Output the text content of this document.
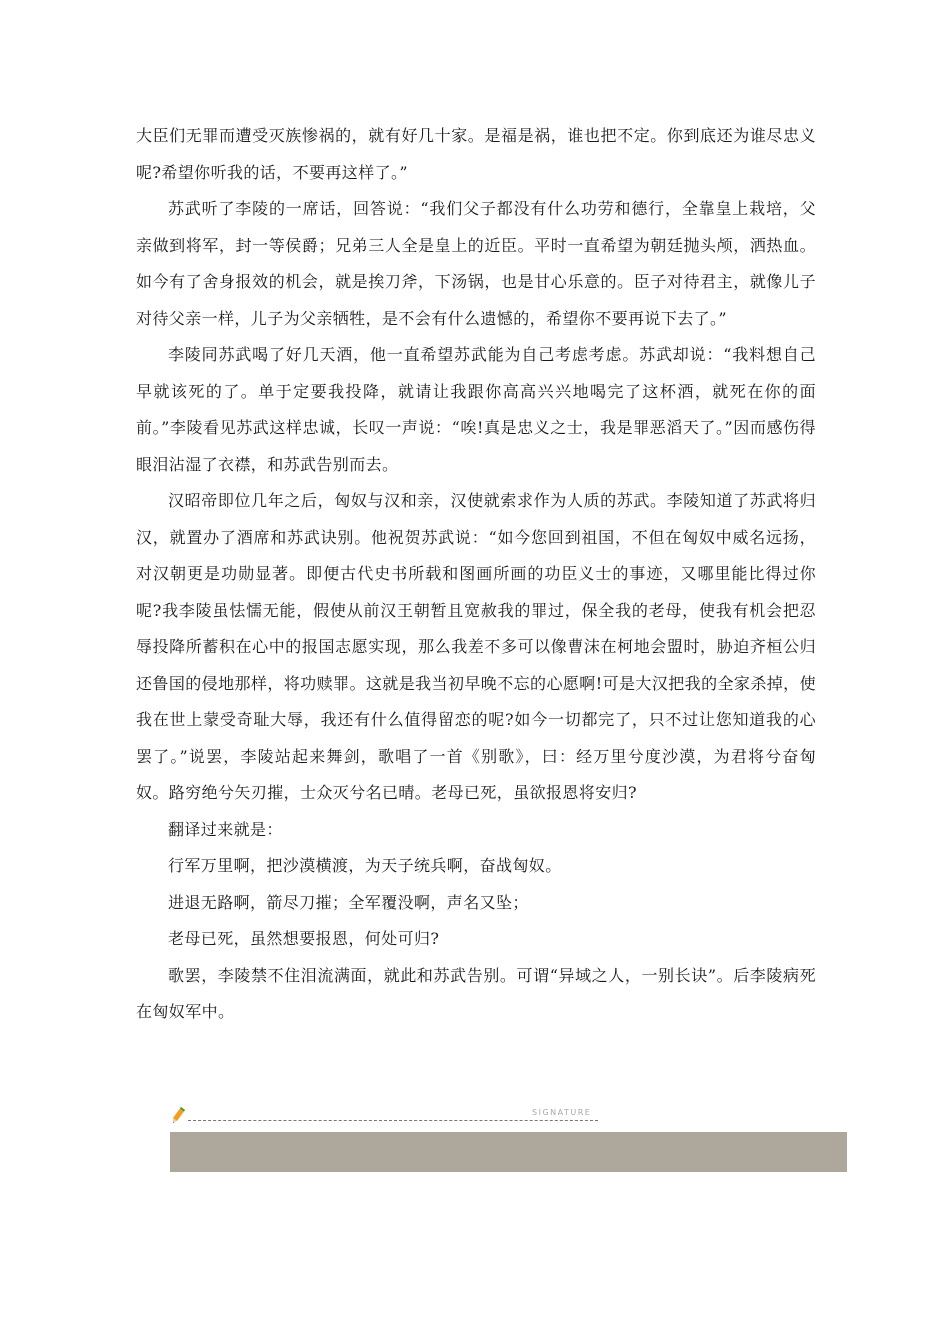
大臣们无罪而遭受灭族惨祸的，就有好几十家。是福是祸，谁也把不定。你到底还为谁尽忠义呢?希望你听我的话，不要再这样了。”

苏武听了李陵的一席话，回答说：“我们父子都没有什么功劳和德行，全靠皇上栽培，父亲做到将军，封一等侯爵；兄弟三人全是皇上的近臣。平时一直希望为朝廷抛头颅，洒热血。如今有了舍身报效的机会，就是挨刀斧，下汤锅，也是甘心乐意的。臣子对待君主，就像儿子对待父亲一样，儿子为父亲牺牲，是不会有什么遗憾的，希望你不要再说下去了。”

李陵同苏武喝了好几天酒，他一直希望苏武能为自己考虑考虑。苏武却说：“我料想自己早就该死的了。单于定要我投降，就请让我跟你高高兴兴地喝完了这杯酒，就死在你的面前。”李陵看见苏武这样忠诚，长叹一声说：“唉!真是忠义之士，我是罪恶滔天了。”因而感伤得眼泪沾湿了衣襟，和苏武告别而去。

汉昭帝即位几年之后，匈奴与汉和亲，汉使就索求作为人质的苏武。李陵知道了苏武将归汉，就置办了酒席和苏武诀别。他祝贺苏武说：“如今您回到祖国，不但在匈奴中威名远扬，对汉朝更是功勋显著。即便古代史书所载和图画所画的功臣义士的事迹，又哪里能比得过你呢?我李陵虽怯懦无能，假使从前汉王朝暂且宽赦我的罪过，保全我的老母，使我有机会把忍辱投降所蓄积在心中的报国志愿实现，那么我差不多可以像曹沫在柯地会盟时，胁迫齐桓公归还鲁国的侵地那样，将功赎罪。这就是我当初早晚不忘的心愿啊!可是大汉把我的全家杀掉，使我在世上蒙受奇耻大辱，我还有什么值得留恋的呢?如今一切都完了，只不过让您知道我的心罢了。”说罢，李陵站起来舞剑，歌唱了一首《别歌》，曰：经万里兮度沙漠，为君将兮奋匈奴。路穷绝兮矢刃摧，士众灭兮名已晴。老母已死，虽欲报恩将安归?

翻译过来就是：

行军万里啊，把沙漠横渡，为天子统兵啊，奋战匈奴。

进退无路啊，箭尽刀摧；全军覆没啊，声名又坠；

老母已死，虽然想要报恩，何处可归?

歌罢，李陵禁不住泪流满面，就此和苏武告别。可谓“异域之人，一别长诀”。后李陵病死在匈奴军中。

SIGNATURE
